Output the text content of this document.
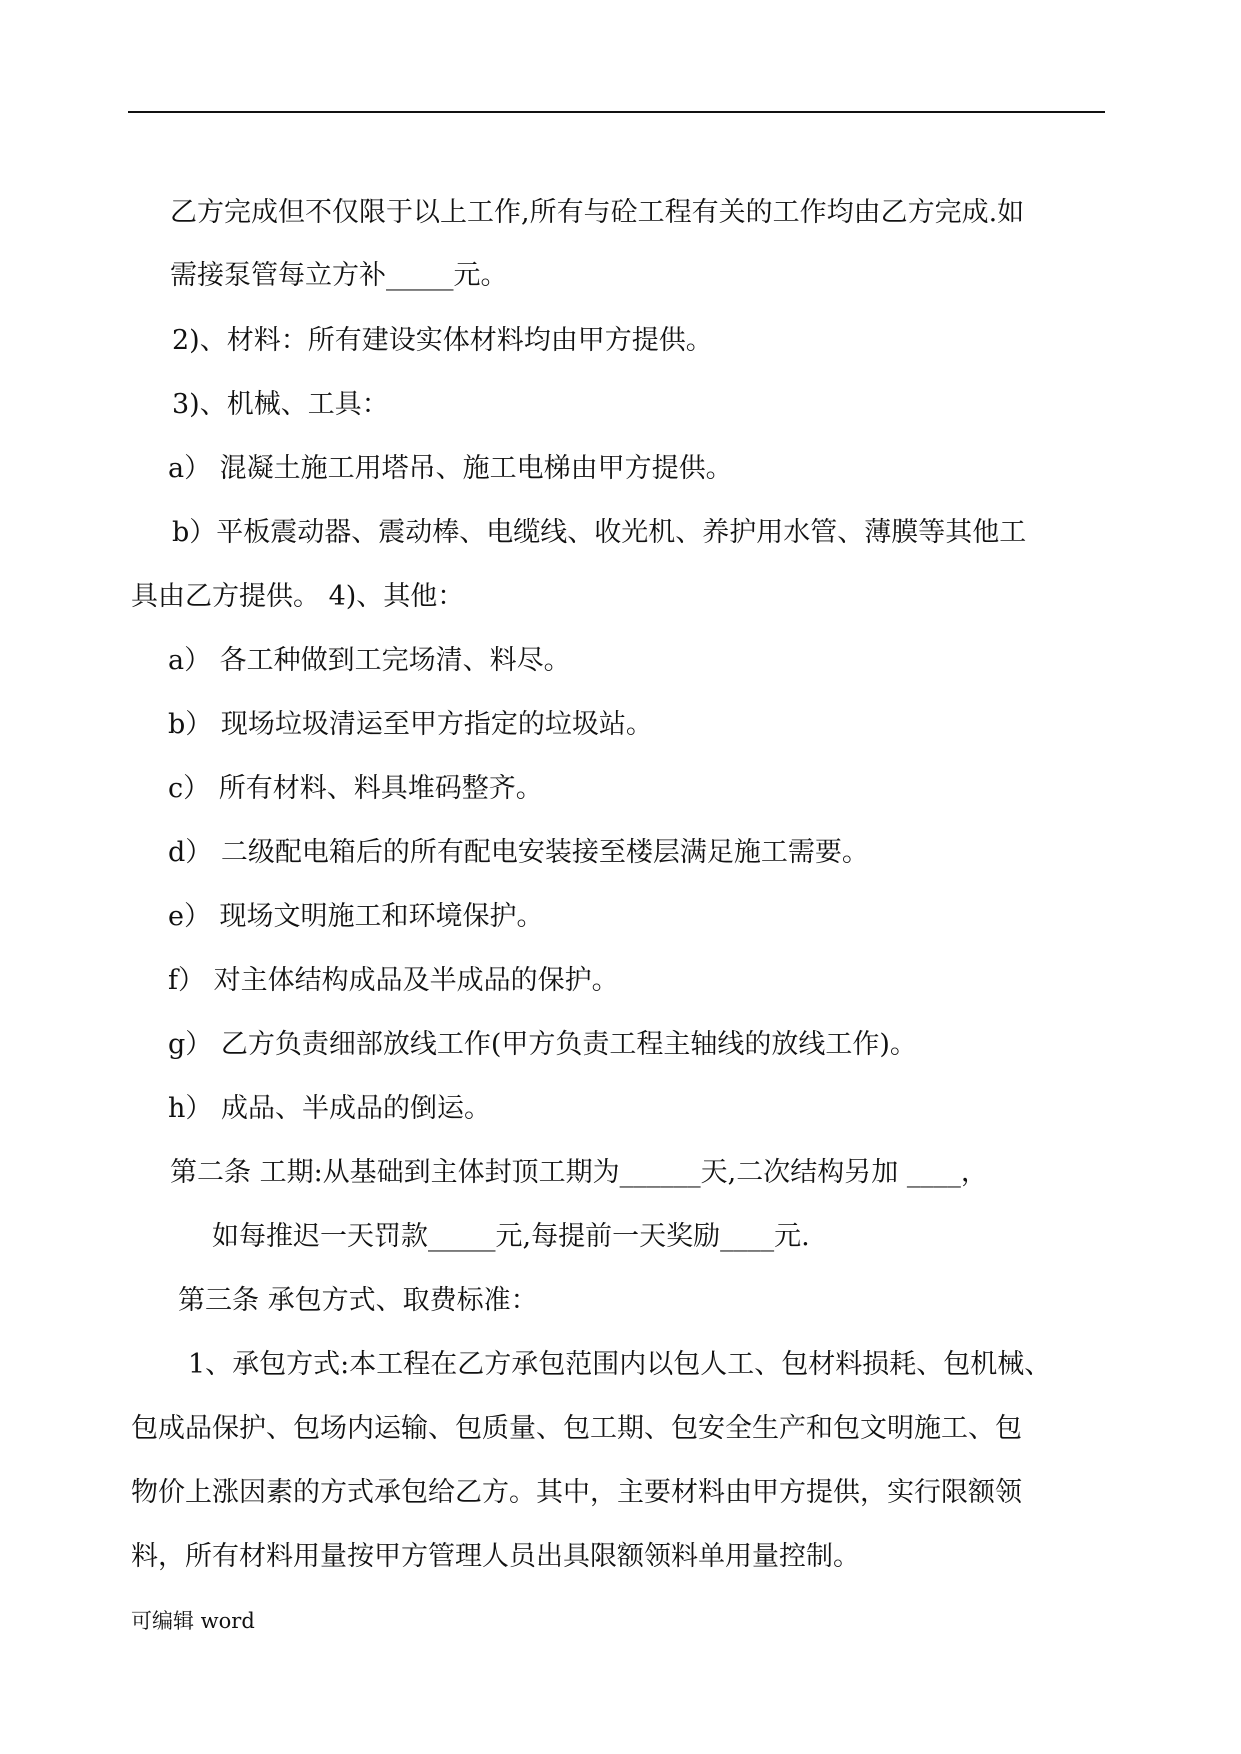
乙方完成但不仅限于以上工作,所有与砼工程有关的工作均由乙方完成.如
需接泵管每立方补_____元。
2)、材料：所有建设实体材料均由甲方提供。
3)、机械、工具：
a） 混凝土施工用塔吊、施工电梯由甲方提供。
b）平板震动器、震动棒、电缆线、收光机、养护用水管、薄膜等其他工
具由乙方提供。 4)、其他：
a） 各工种做到工完场清、料尽。
b） 现场垃圾清运至甲方指定的垃圾站。
c） 所有材料、料具堆码整齐。
d） 二级配电箱后的所有配电安装接至楼层满足施工需要。
e） 现场文明施工和环境保护。
f） 对主体结构成品及半成品的保护。
g） 乙方负责细部放线工作(甲方负责工程主轴线的放线工作)。
h） 成品、半成品的倒运。
第二条 工期:从基础到主体封顶工期为______天,二次结构另加 ____，
如每推迟一天罚款_____元,每提前一天奖励____元.
第三条 承包方式、取费标准：
1、承包方式:本工程在乙方承包范围内以包人工、包材料损耗、包机械、
包成品保护、包场内运输、包质量、包工期、包安全生产和包文明施工、包
物价上涨因素的方式承包给乙方。其中，主要材料由甲方提供，实行限额领
料，所有材料用量按甲方管理人员出具限额领料单用量控制。
可编辑 word
